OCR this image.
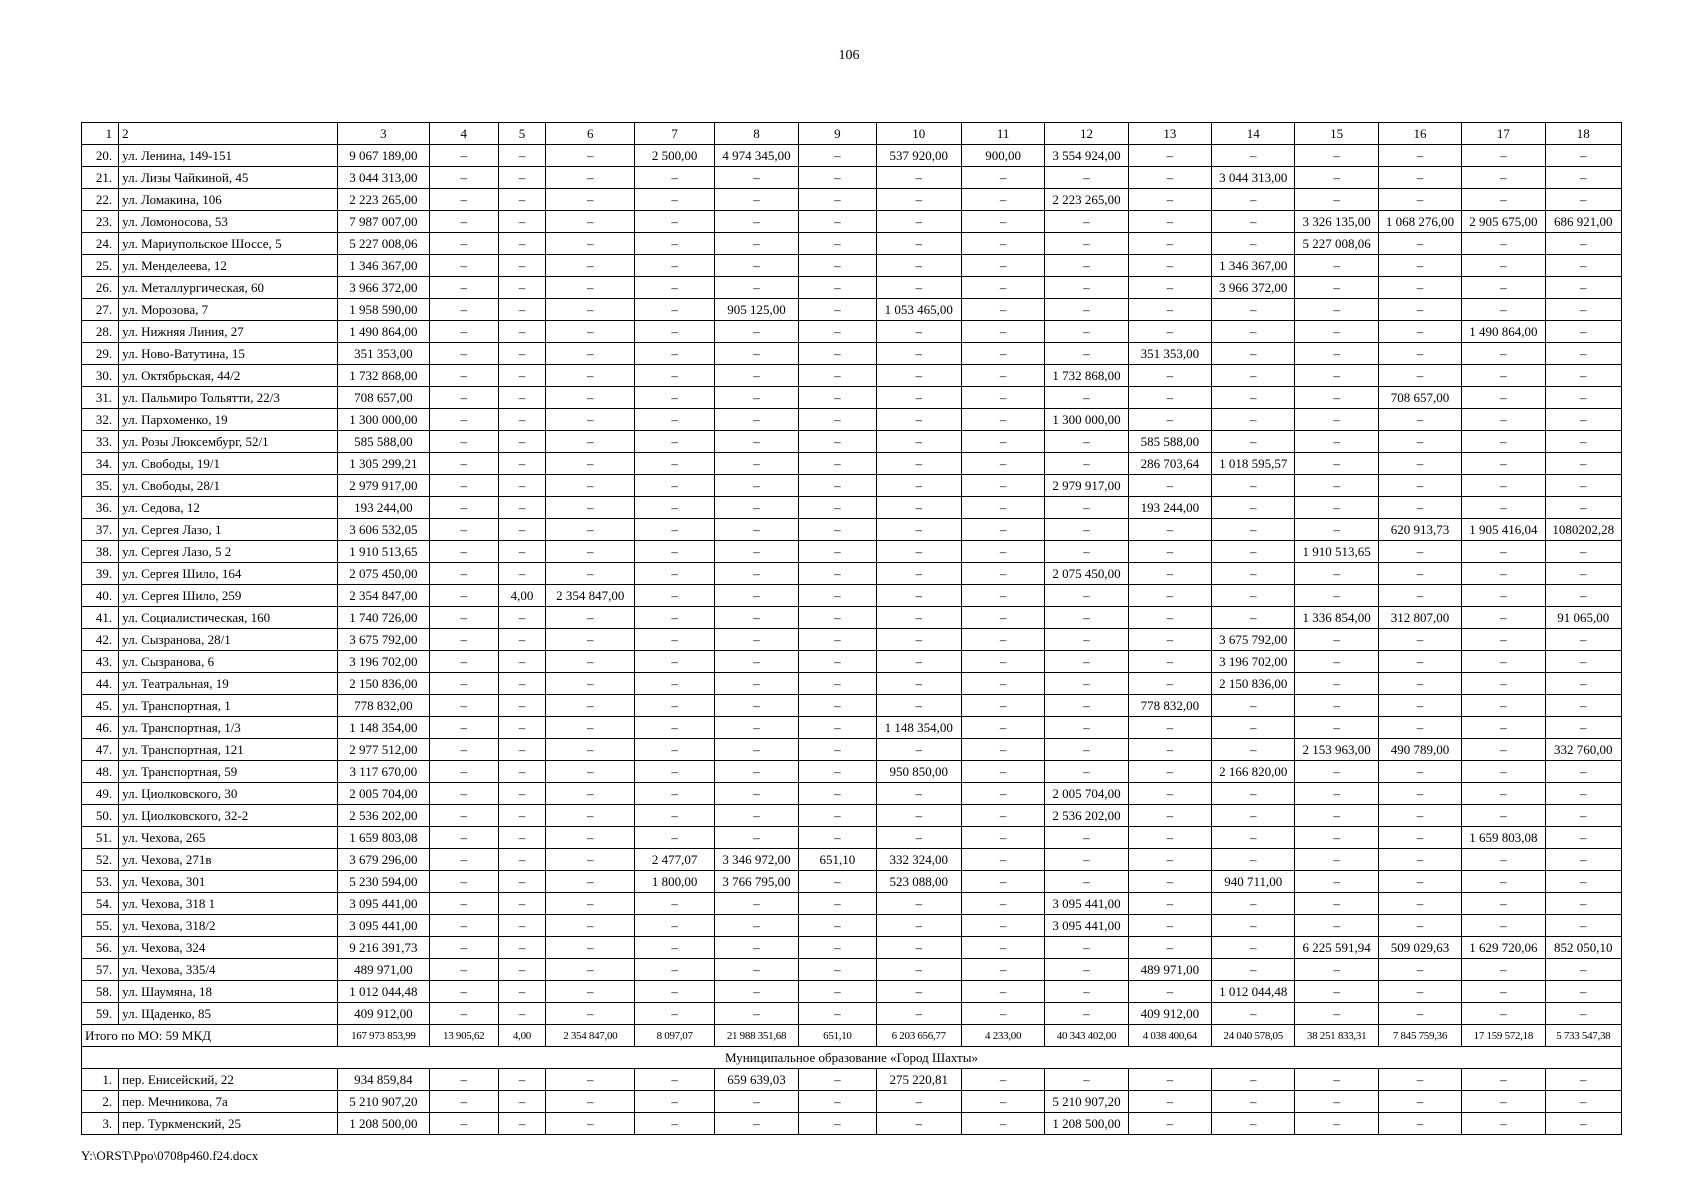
106
1	2	3	4	5	6	7	8	9	10	11	12	13	14	15	16	17	18
20.	ул. Ленина, 149-151	9 067 189,00	–	–	–	2 500,00	4 974 345,00	–	537 920,00	900,00	3 554 924,00	–	–	–	–	–	–
21.	ул. Лизы Чайкиной, 45	3 044 313,00	–	–	–	–	–	–	–	–	–	–	3 044 313,00	–	–	–	–
22.	ул. Ломакина, 106	2 223 265,00	–	–	–	–	–	–	–	–	2 223 265,00	–	–	–	–	–	–
23.	ул. Ломоносова, 53	7 987 007,00	–	–	–	–	–	–	–	–	–	–	–	3 326 135,00	1 068 276,00	2 905 675,00	686 921,00
24.	ул. Мариупольское Шоссе, 5	5 227 008,06	–	–	–	–	–	–	–	–	–	–	–	5 227 008,06	–	–	–
25.	ул. Менделеева, 12	1 346 367,00	–	–	–	–	–	–	–	–	–	–	1 346 367,00	–	–	–	–
26.	ул. Металлургическая, 60	3 966 372,00	–	–	–	–	–	–	–	–	–	–	3 966 372,00	–	–	–	–
27.	ул. Морозова, 7	1 958 590,00	–	–	–	–	905 125,00	–	1 053 465,00	–	–	–	–	–	–	–	–
28.	ул. Нижняя Линия, 27	1 490 864,00	–	–	–	–	–	–	–	–	–	–	–	–	–	1 490 864,00	–
29.	ул. Ново-Ватутина, 15	351 353,00	–	–	–	–	–	–	–	–	–	351 353,00	–	–	–	–	–
30.	ул. Октябрьская, 44/2	1 732 868,00	–	–	–	–	–	–	–	–	1 732 868,00	–	–	–	–	–	–
31.	ул. Пальмиро Тольятти, 22/3	708 657,00	–	–	–	–	–	–	–	–	–	–	–	–	708 657,00	–	–
32.	ул. Пархоменко, 19	1 300 000,00	–	–	–	–	–	–	–	–	1 300 000,00	–	–	–	–	–	–
33.	ул. Розы Люксембург, 52/1	585 588,00	–	–	–	–	–	–	–	–	–	585 588,00	–	–	–	–	–
34.	ул. Свободы, 19/1	1 305 299,21	–	–	–	–	–	–	–	–	–	286 703,64	1 018 595,57	–	–	–	–
35.	ул. Свободы, 28/1	2 979 917,00	–	–	–	–	–	–	–	–	2 979 917,00	–	–	–	–	–	–
36.	ул. Седова, 12	193 244,00	–	–	–	–	–	–	–	–	–	193 244,00	–	–	–	–	–
37.	ул. Сергея Лазо, 1	3 606 532,05	–	–	–	–	–	–	–	–	–	–	–	–	620 913,73	1 905 416,04	1080202,28
38.	ул. Сергея Лазо, 5 2	1 910 513,65	–	–	–	–	–	–	–	–	–	–	–	1 910 513,65	–	–	–
39.	ул. Сергея Шило, 164	2 075 450,00	–	–	–	–	–	–	–	–	2 075 450,00	–	–	–	–	–	–
40.	ул. Сергея Шило, 259	2 354 847,00	–	4,00	2 354 847,00	–	–	–	–	–	–	–	–	–	–	–	–
41.	ул. Социалистическая, 160	1 740 726,00	–	–	–	–	–	–	–	–	–	–	–	1 336 854,00	312 807,00	–	91 065,00
42.	ул. Сызранова, 28/1	3 675 792,00	–	–	–	–	–	–	–	–	–	–	3 675 792,00	–	–	–	–
43.	ул. Сызранова, 6	3 196 702,00	–	–	–	–	–	–	–	–	–	–	3 196 702,00	–	–	–	–
44.	ул. Театральная, 19	2 150 836,00	–	–	–	–	–	–	–	–	–	–	2 150 836,00	–	–	–	–
45.	ул. Транспортная, 1	778 832,00	–	–	–	–	–	–	–	–	–	778 832,00	–	–	–	–	–
46.	ул. Транспортная, 1/3	1 148 354,00	–	–	–	–	–	–	1 148 354,00	–	–	–	–	–	–	–	–
47.	ул. Транспортная, 121	2 977 512,00	–	–	–	–	–	–	–	–	–	–	–	2 153 963,00	490 789,00	–	332 760,00
48.	ул. Транспортная, 59	3 117 670,00	–	–	–	–	–	–	950 850,00	–	–	–	2 166 820,00	–	–	–	–
49.	ул. Циолковского, 30	2 005 704,00	–	–	–	–	–	–	–	–	2 005 704,00	–	–	–	–	–	–
50.	ул. Циолковского, 32-2	2 536 202,00	–	–	–	–	–	–	–	–	2 536 202,00	–	–	–	–	–	–
51.	ул. Чехова, 265	1 659 803,08	–	–	–	–	–	–	–	–	–	–	–	–	–	1 659 803,08	–
52.	ул. Чехова, 271в	3 679 296,00	–	–	–	2 477,07	3 346 972,00	651,10	332 324,00	–	–	–	–	–	–	–	–
53.	ул. Чехова, 301	5 230 594,00	–	–	–	1 800,00	3 766 795,00	–	523 088,00	–	–	–	940 711,00	–	–	–	–
54.	ул. Чехова, 318 1	3 095 441,00	–	–	–	–	–	–	–	–	3 095 441,00	–	–	–	–	–	–
55.	ул. Чехова, 318/2	3 095 441,00	–	–	–	–	–	–	–	–	3 095 441,00	–	–	–	–	–	–
56.	ул. Чехова, 324	9 216 391,73	–	–	–	–	–	–	–	–	–	–	–	6 225 591,94	509 029,63	1 629 720,06	852 050,10
57.	ул. Чехова, 335/4	489 971,00	–	–	–	–	–	–	–	–	–	489 971,00	–	–	–	–	–
58.	ул. Шаумяна, 18	1 012 044,48	–	–	–	–	–	–	–	–	–	–	1 012 044,48	–	–	–	–
59.	ул. Щаденко, 85	409 912,00	–	–	–	–	–	–	–	–	–	409 912,00	–	–	–	–	–
Итого по МО: 59 МКД		167 973 853,99	13 905,62	4,00	2 354 847,00	8 097,07	21 988 351,68	651,10	6 203 656,77	4 233,00	40 343 402,00	4 038 400,64	24 040 578,05	38 251 833,31	7 845 759,36	17 159 572,18	5 733 547,38
Муниципальное образование «Город Шахты»																	
1.	пер. Енисейский, 22	934 859,84	–	–	–	–	659 639,03	–	275 220,81	–	–	–	–	–	–	–	–
2.	пер. Мечникова, 7а	5 210 907,20	–	–	–	–	–	–	–	–	5 210 907,20	–	–	–	–	–	–
3.	пер. Туркменский, 25	1 208 500,00	–	–	–	–	–	–	–	–	1 208 500,00	–	–	–	–	–	–
Y:\ORST\Ppo\0708p460.f24.docx
